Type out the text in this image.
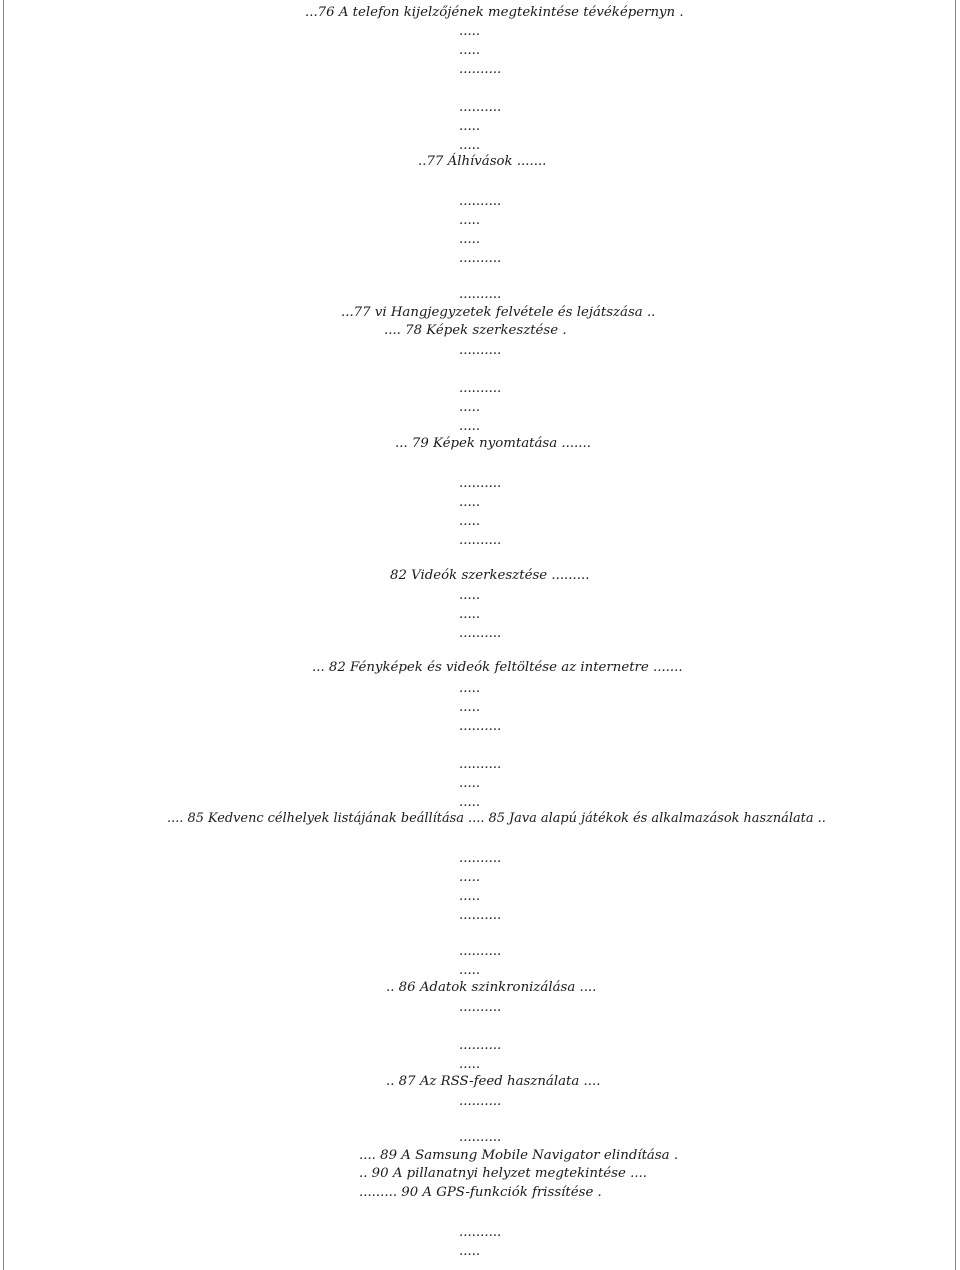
...76 A telefon kijelzőjének megtekintése tévéképernyn .
.....
.....
..........
..........
.....
.....
..77 Álhívások .......
..........
.....
.....
..........
..........
...77 vi Hangjegyzetek felvétele és lejátszása ..
.... 78 Képek szerkesztése .
..........
..........
.....
.....
... 79 Képek nyomtatása .......
..........
.....
.....
..........
82 Videók szerkesztése .........
.....
.....
..........
... 82 Fényképek és videók feltöltése az internetre .......
.....
.....
..........
..........
.....
.....
.... 85 Kedvenc célhelyek listájának beállítása .... 85 Java alapú játékok és alkalmazások használata ..
..........
.....
.....
..........
..........
.....
.. 86 Adatok szinkronizálása ....
..........
..........
.....
.. 87 Az RSS-feed használata ....
..........
..........
.... 89 A Samsung Mobile Navigator elindítása .
.. 90 A pillanatnyi helyzet megtekintése ....
......... 90 A GPS-funkciók frissítése .
..........
.....
